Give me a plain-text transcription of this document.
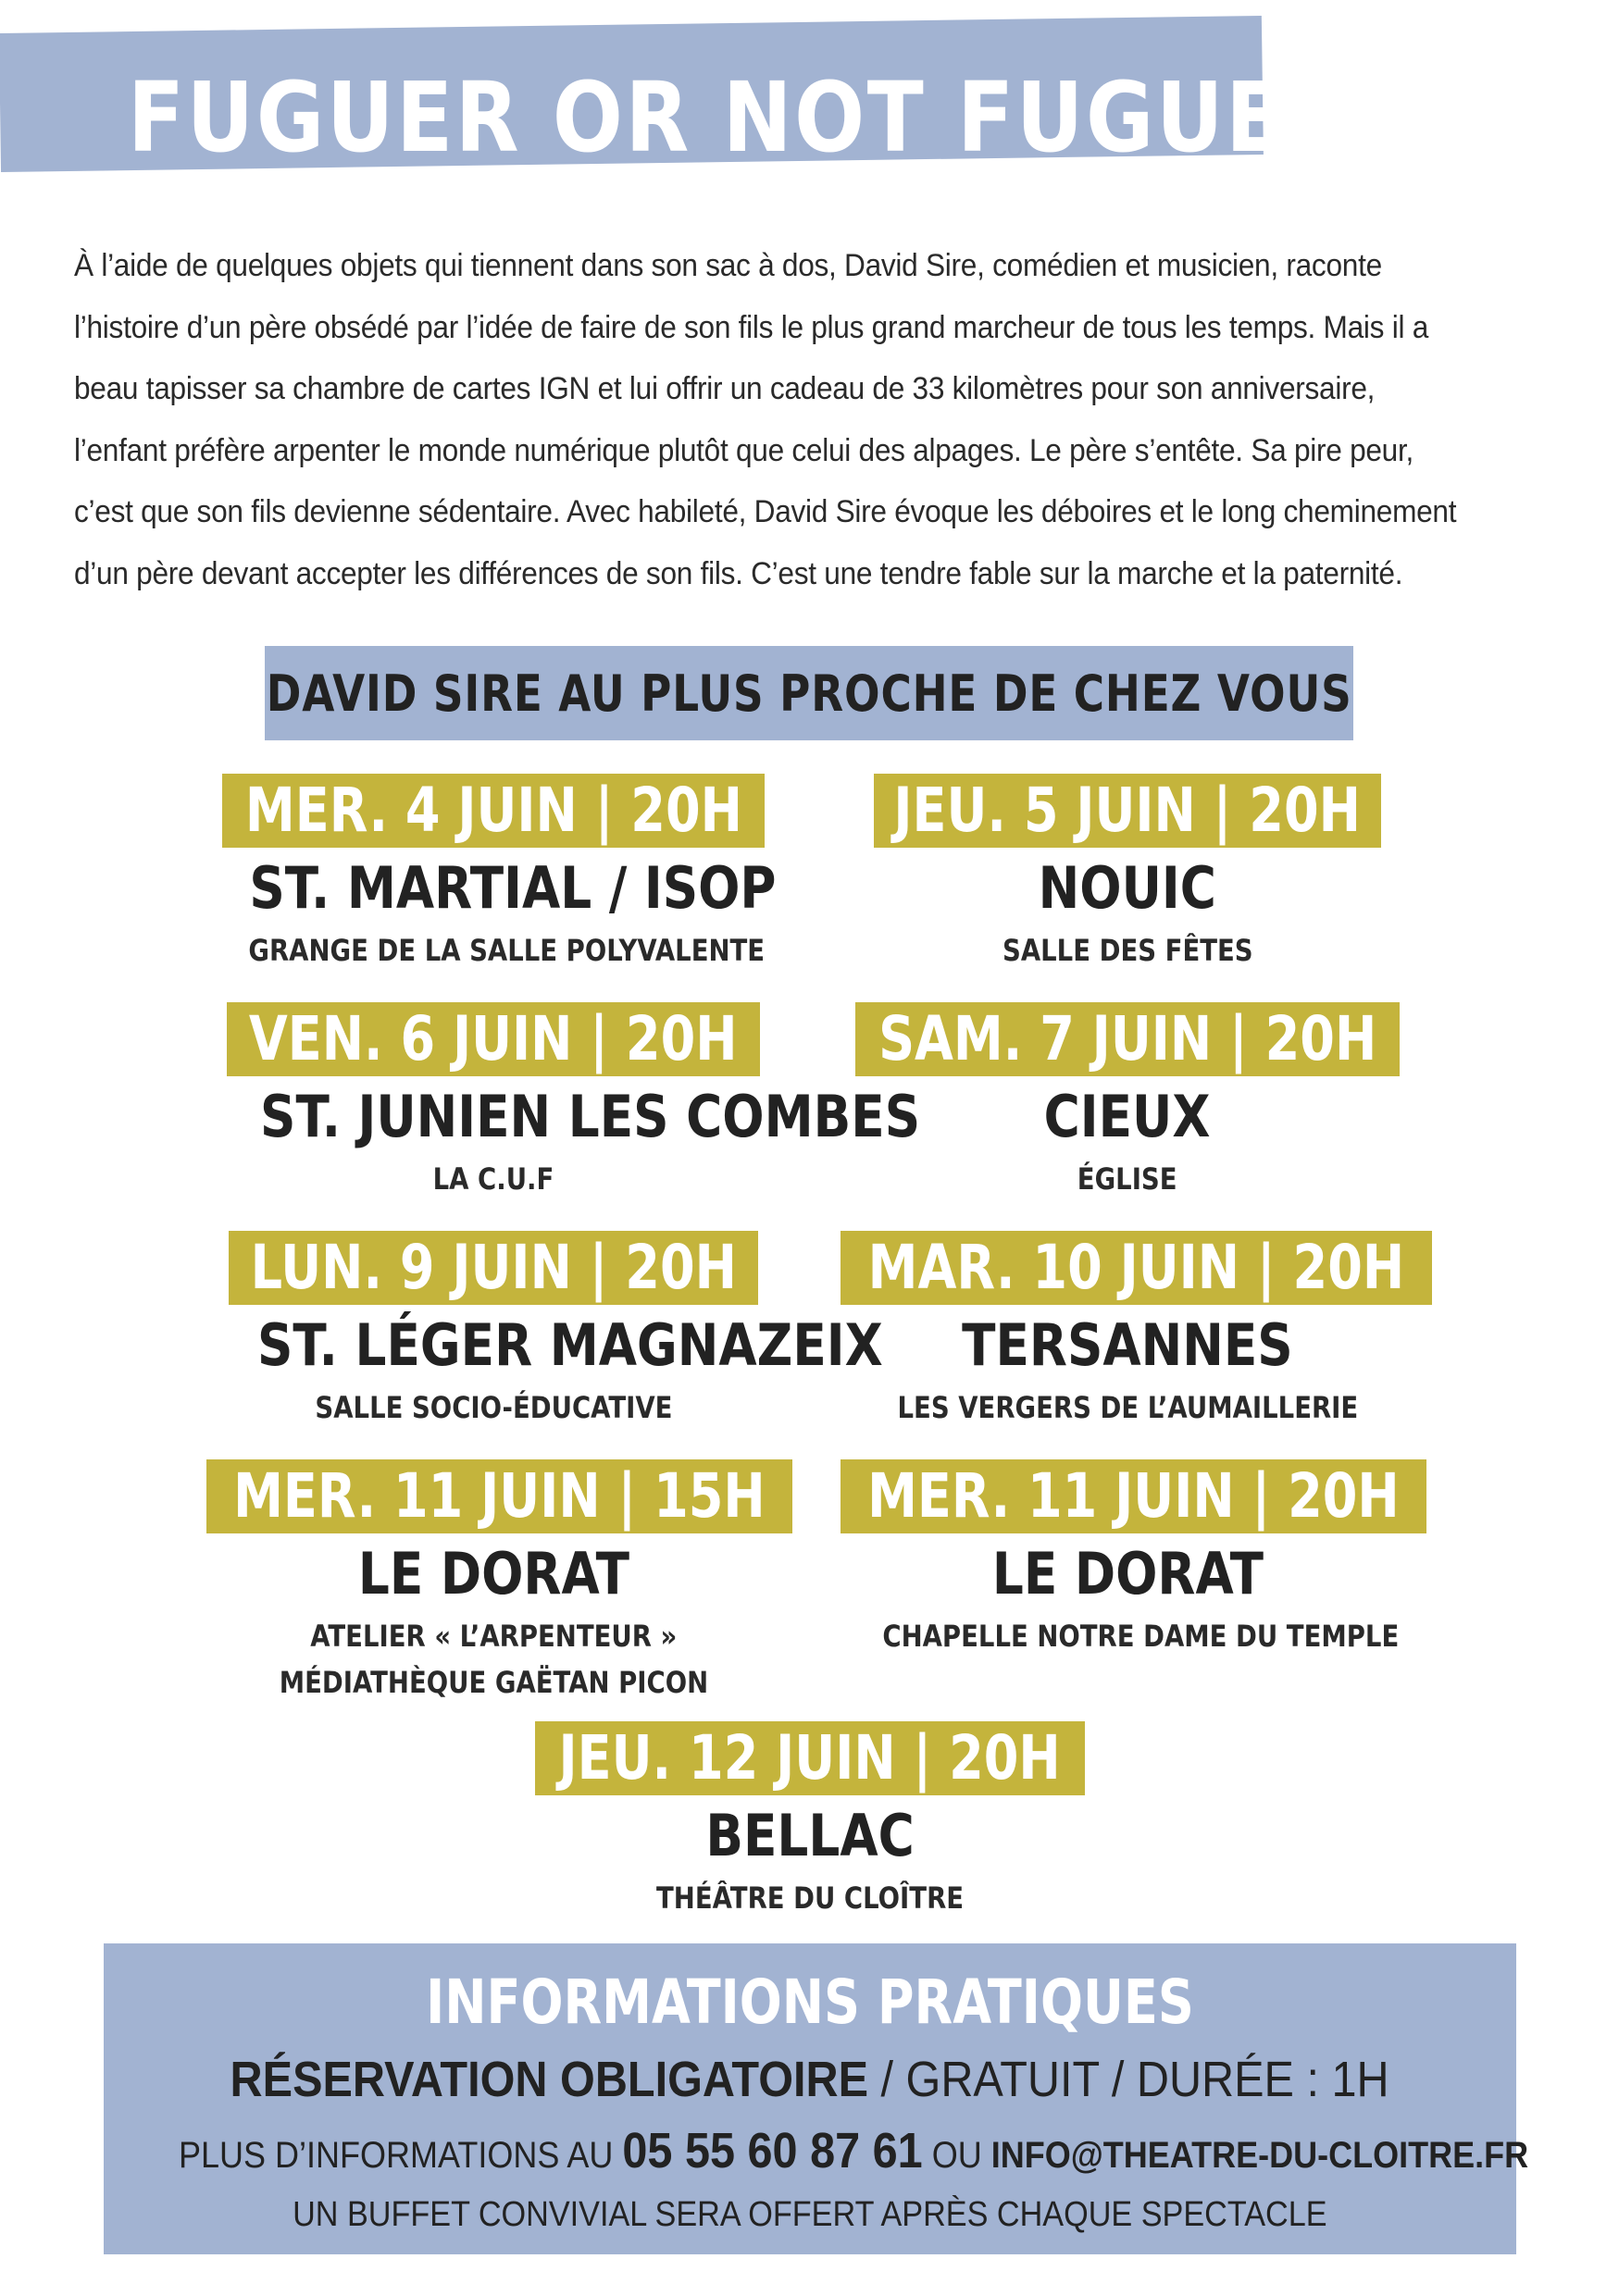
FUGUER OR NOT FUGUER

À l’aide de quelques objets qui tiennent dans son sac à dos, David Sire, comédien et musicien, raconte

l’histoire d’un père obsédé par l’idée de faire de son fils le plus grand marcheur de tous les temps. Mais il a

beau tapisser sa chambre de cartes IGN et lui offrir un cadeau de 33 kilomètres pour son anniversaire,

l’enfant préfère arpenter le monde numérique plutôt que celui des alpages. Le père s’entête. Sa pire peur,

c’est que son fils devienne sédentaire. Avec habileté, David Sire évoque les déboires et le long cheminement

d’un père devant accepter les différences de son fils. C’est une tendre fable sur la marche et la paternité.

DAVID SIRE AU PLUS PROCHE DE CHEZ VOUS
MER. 4 JUIN | 20H
ST. MARTIAL / ISOP
GRANGE DE LA SALLE POLYVALENTE
JEU. 5 JUIN | 20H
NOUIC
SALLE DES FÊTES
VEN. 6 JUIN | 20H
ST. JUNIEN LES COMBES
LA C.U.F
SAM. 7 JUIN | 20H
CIEUX
ÉGLISE
LUN. 9 JUIN | 20H
ST. LÉGER MAGNAZEIX
SALLE SOCIO-ÉDUCATIVE
MAR. 10 JUIN | 20H
TERSANNES
LES VERGERS DE L’AUMAILLERIE
MER. 11 JUIN | 15H
LE DORAT
ATELIER « L’ARPENTEUR »
MÉDIATHÈQUE GAËTAN PICON
MER. 11 JUIN | 20H
LE DORAT
CHAPELLE NOTRE DAME DU TEMPLE
JEU. 12 JUIN | 20H
BELLAC
THÉÂTRE DU CLOÎTRE
INFORMATIONS PRATIQUES
RÉSERVATION OBLIGATOIRE / GRATUIT / DURÉE : 1H
PLUS D’INFORMATIONS AU 05 55 60 87 61 OU INFO@THEATRE-DU-CLOITRE.FR
UN BUFFET CONVIVIAL SERA OFFERT APRÈS CHAQUE SPECTACLE
